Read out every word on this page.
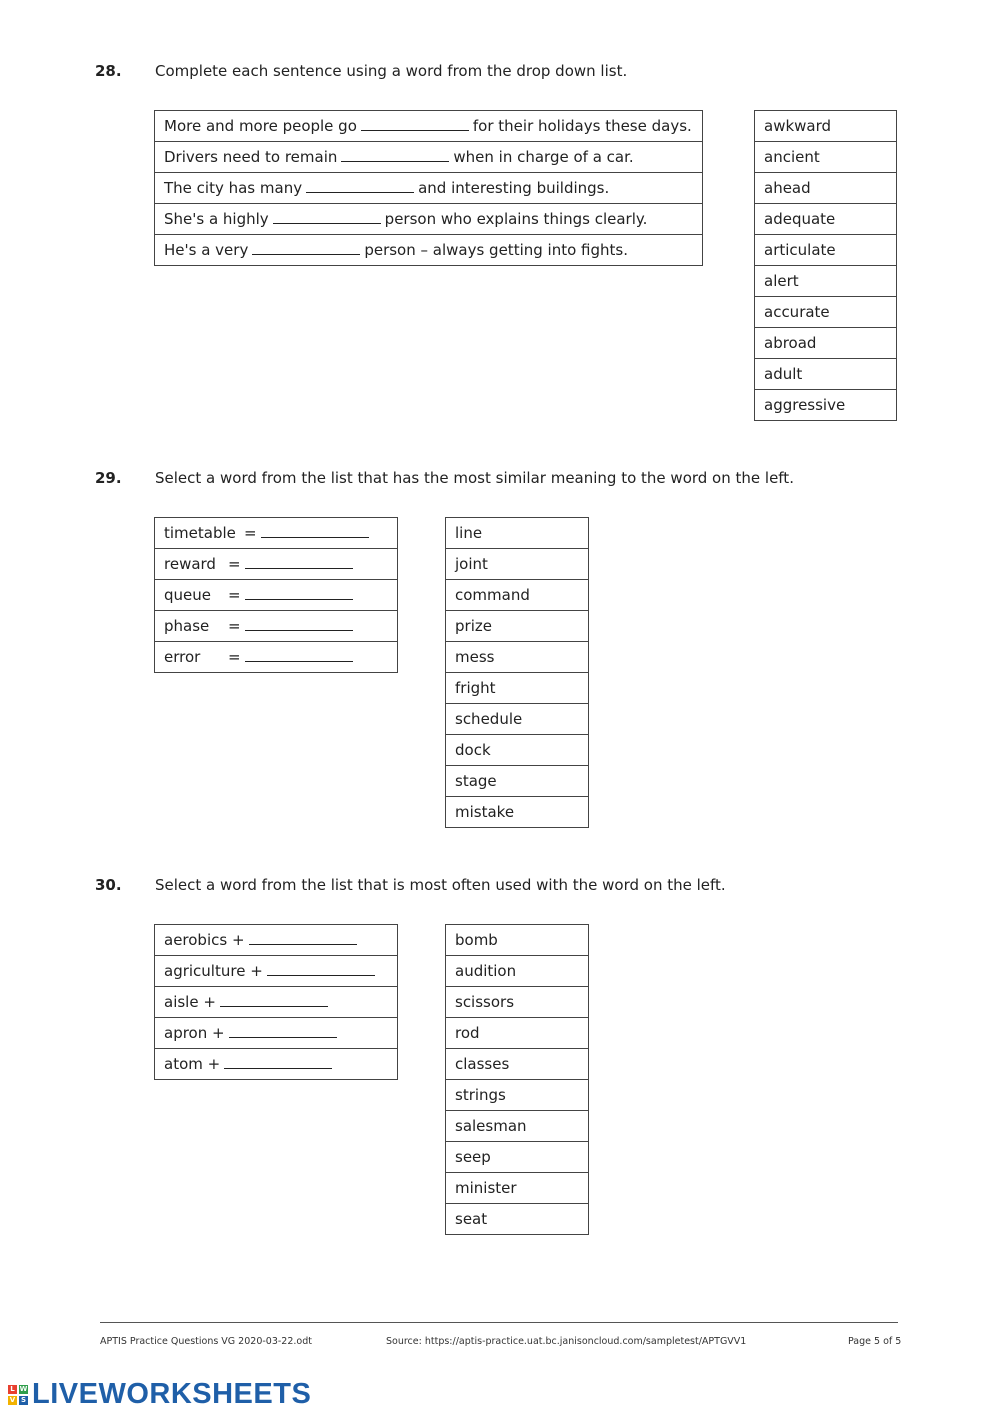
28. Complete each sentence using a word from the drop down list.
More and more people go	for their holidays these days.
Drivers need to remain	when in charge of a car.
The city has many	and interesting buildings.
She's a highly	person who explains things clearly.
He's a very	person – always getting into fights.
awkward
ancient
ahead
adequate
articulate
alert
accurate
abroad
adult
aggressive
29. Select a word from the list that has the most similar meaning to the word on the left.
timetable =
reward =
queue =
phase =
error =
line
joint
command
prize
mess
fright
schedule
dock
stage
mistake
30. Select a word from the list that is most often used with the word on the left.
aerobics +
agriculture +
aisle +
apron +
atom +
bomb
audition
scissors
rod
classes
strings
salesman
seep
minister
seat
APTIS Practice Questions VG 2020-03-22.odt	Source: https://aptis-practice.uat.bc.janisoncloud.com/sampletest/APTGVV1	Page 5 of 5
L W
V S LIVEWORKSHEETS
